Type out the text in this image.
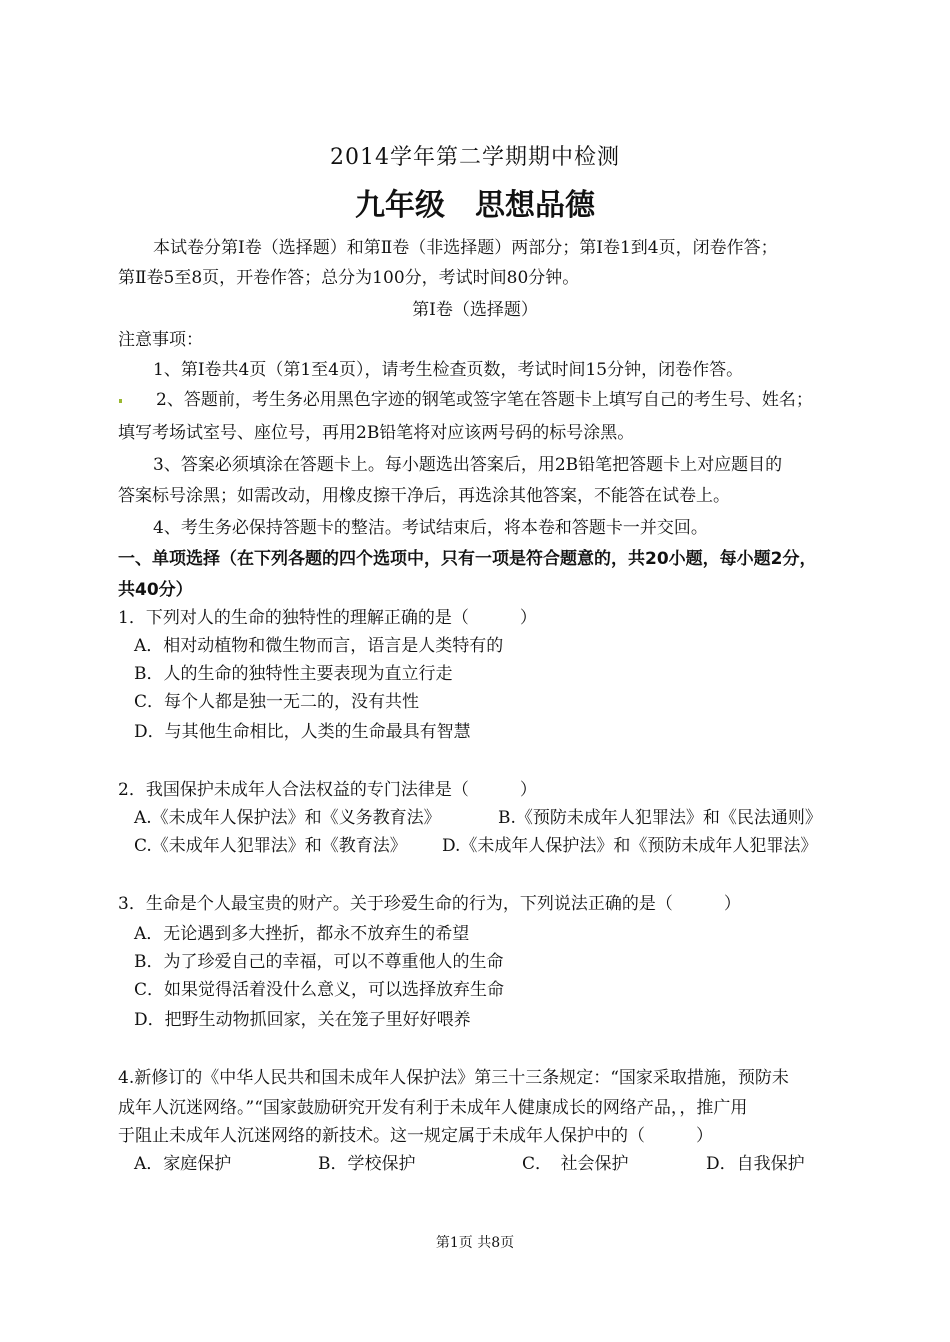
2014学年第二学期期中检测
九年级 思想品德
本试卷分第Ⅰ卷（选择题）和第Ⅱ卷（非选择题）两部分；第Ⅰ卷1到4页，闭卷作答；
第Ⅱ卷5至8页，开卷作答；总分为100分，考试时间80分钟。
第Ⅰ卷（选择题）
注意事项：
1、第Ⅰ卷共4页（第1至4页），请考生检查页数，考试时间15分钟，闭卷作答。
2、答题前，考生务必用黑色字迹的钢笔或签字笔在答题卡上填写自己的考生号、姓名；
填写考场试室号、座位号，再用2B铅笔将对应该两号码的标号涂黑。
3、答案必须填涂在答题卡上。每小题选出答案后，用2B铅笔把答题卡上对应题目的
答案标号涂黑；如需改动，用橡皮擦干净后，再选涂其他答案，不能答在试卷上。
4、考生务必保持答题卡的整洁。考试结束后，将本卷和答题卡一并交回。
一、单项选择（在下列各题的四个选项中，只有一项是符合题意的，共20小题，每小题2分，
共40分）
1．下列对人的生命的独特性的理解正确的是（　　　）
A．相对动植物和微生物而言，语言是人类特有的
B．人的生命的独特性主要表现为直立行走
C．每个人都是独一无二的，没有共性
D．与其他生命相比，人类的生命最具有智慧
2．我国保护未成年人合法权益的专门法律是（　　　）
A.《未成年人保护法》和《义务教育法》	B.《预防未成年人犯罪法》和《民法通则》
C.《未成年人犯罪法》和《教育法》 D.《未成年人保护法》和《预防未成年人犯罪法》
3．生命是个人最宝贵的财产。关于珍爱生命的行为，下列说法正确的是（　　　）
A．无论遇到多大挫折，都永不放弃生的希望
B．为了珍爱自己的幸福，可以不尊重他人的生命
C．如果觉得活着没什么意义，可以选择放弃生命
D．把野生动物抓回家，关在笼子里好好喂养
4.新修订的《中华人民共和国未成年人保护法》第三十三条规定：“国家采取措施，预防未
成年人沉迷网络。”“国家鼓励研究开发有利于未成年人健康成长的网络产品，，推广用
于阻止未成年人沉迷网络的新技术。这一规定属于未成年人保护中的（　　　）
A．家庭保护	B．学校保护	C．　社会保护	D．自我保护
第1页 共8页
